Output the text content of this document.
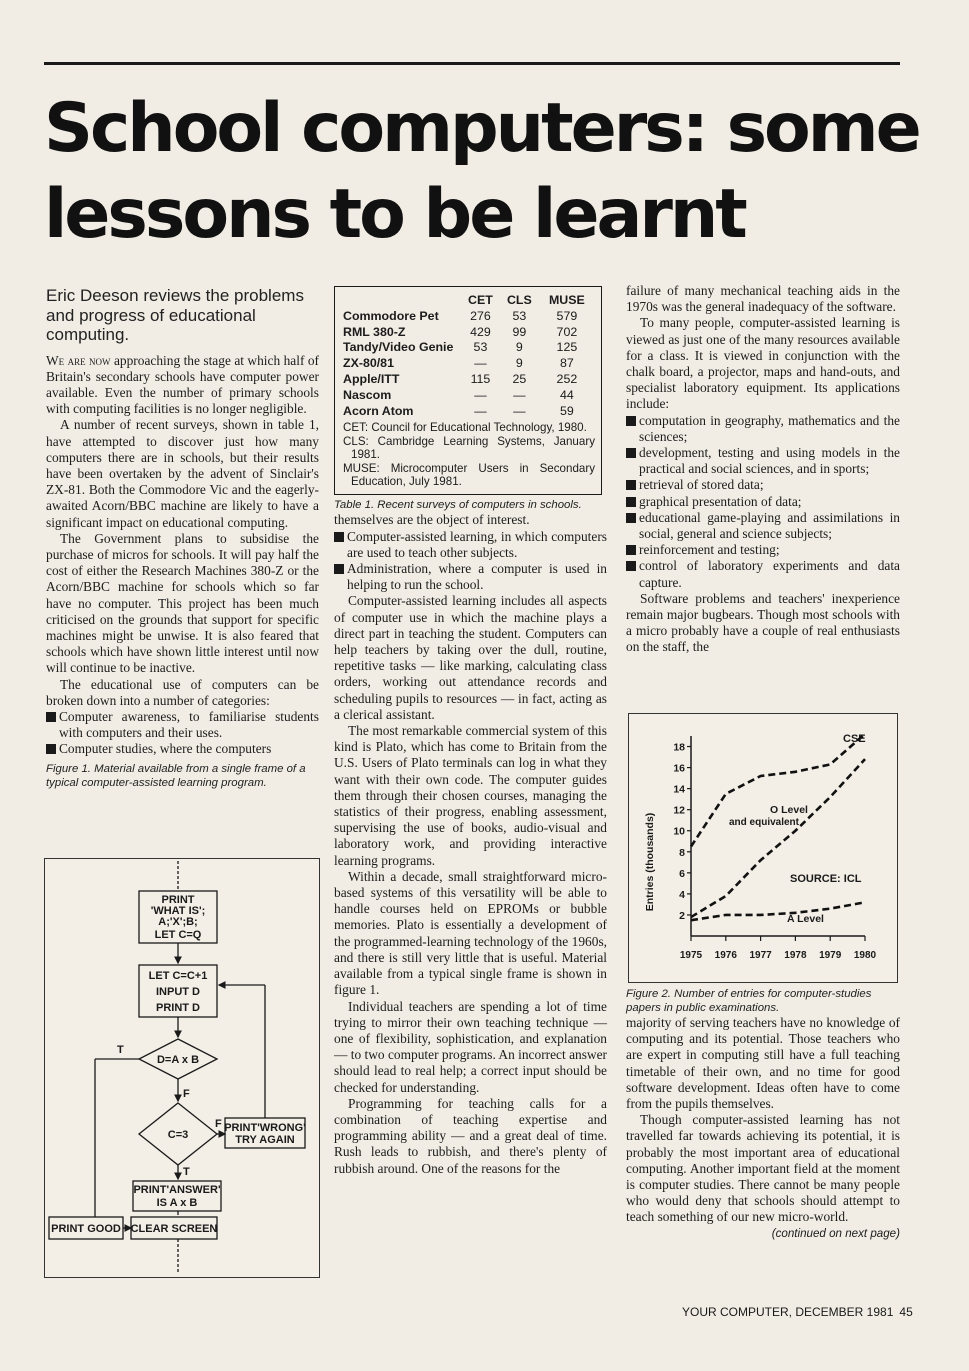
School computers: some
lessons to be learnt

Eric Deeson reviews the problems and progress of educational computing.

We are now approaching the stage at which half of Britain's secondary schools have computer power available. Even the number of primary schools with computing facilities is no longer negligible.

A number of recent surveys, shown in table 1, have attempted to discover just how many computers there are in schools, but their results have been overtaken by the advent of Sinclair's ZX-81. Both the Commodore Vic and the eagerly-awaited Acorn/BBC machine are likely to have a significant impact on educational computing.

The Government plans to subsidise the purchase of micros for schools. It will pay half the cost of either the Research Machines 380-Z or the Acorn/BBC machine for schools which so far have no computer. This project has been much criticised on the grounds that support for specific machines might be unwise. It is also feared that schools which have shown little interest until now will continue to be inactive.

The educational use of computers can be broken down into a number of categories:

Computer awareness, to familiarise students with computers and their uses.

Computer studies, where the computers

Figure 1. Material available from a single frame of a typical computer-assisted learning program.

PRINT
'WHAT IS';
A;'X';B;
LET C=Q
LET C=C+1
INPUT D
PRINT D
D=A x B
C=3
PRINT'WRONG'
TRY AGAIN
PRINT'ANSWER'
IS A x B
CLEAR SCREEN
PRINT GOOD
T
F
F
T
	CET	CLS	MUSE
Commodore Pet	276	53	579
RML 380-Z	429	99	702
Tandy/Video Genie	53	9	125
ZX-80/81	—	9	87
Apple/ITT	115	25	252
Nascom	—	—	44
Acorn Atom	—	—	59
CET: Council for Educational Technology, 1980.
CLS: Cambridge Learning Systems, January 1981.
MUSE: Microcomputer Users in Secondary Education, July 1981.

Table 1. Recent surveys of computers in schools.

themselves are the object of interest.

Computer-assisted learning, in which computers are used to teach other subjects.

Administration, where a computer is used in helping to run the school.

Computer-assisted learning includes all aspects of computer use in which the machine plays a direct part in teaching the student. Computers can help teachers by taking over the dull, routine, repetitive tasks — like marking, calculating class orders, working out attendance records and scheduling pupils to resources — in fact, acting as a clerical assistant.

The most remarkable commercial system of this kind is Plato, which has come to Britain from the U.S. Users of Plato terminals can log in what they want with their own code. The computer guides them through their chosen courses, managing the statistics of their progress, enabling assessment, supervising the use of books, audio-visual and laboratory work, and providing interactive learning programs.

Within a decade, small straightforward micro-based systems of this versatility will be able to handle courses held on EPROMs or bubble memories. Plato is essentially a development of the programmed-learning technology of the 1960s, and there is still very little that is useful. Material available from a typical single frame is shown in figure 1.

Individual teachers are spending a lot of time trying to mirror their own teaching technique — one of flexibility, sophistication, and explanation — to two computer programs. An incorrect answer should lead to real help; a correct input should be checked for understanding.

Programming for teaching calls for a combination of teaching expertise and programming ability — and a great deal of time. Rush leads to rubbish, and there's plenty of rubbish around. One of the reasons for the

failure of many mechanical teaching aids in the 1970s was the general inadequacy of the software.

To many people, computer-assisted learning is viewed as just one of the many resources available for a class. It is viewed in conjunction with the chalk board, a projector, maps and hand-outs, and specialist laboratory equipment. Its applications include:

computation in geography, mathematics and the sciences;

development, testing and using models in the practical and social sciences, and in sports;

retrieval of stored data;

graphical presentation of data;

educational game-playing and assimilations in social, general and science subjects;

reinforcement and testing;

control of laboratory experiments and data capture.

Software problems and teachers' inexperience remain major bugbears. Though most schools with a micro probably have a couple of real enthusiasts on the staff, the

Figure 2. Number of entries for computer-studies papers in public examinations.

majority of serving teachers have no knowledge of computing and its potential. Those teachers who are expert in computing still have a full teaching timetable of their own, and no time for good software development. Ideas often have to come from the pupils themselves.

Though computer-assisted learning has not travelled far towards achieving its potential, it is probably the most important area of educational computing. Another important field at the moment is computer studies. There cannot be many people who would deny that schools should attempt to teach something of our new micro-world.

(continued on next page)

Entries (thousands)
CSE
O Level
and equivalent
A Level
SOURCE: ICL
2
4
6
8
10
12
14
16
18
1975 1976 1977 1978 1979 1980
YOUR COMPUTER, DECEMBER 1981 45
